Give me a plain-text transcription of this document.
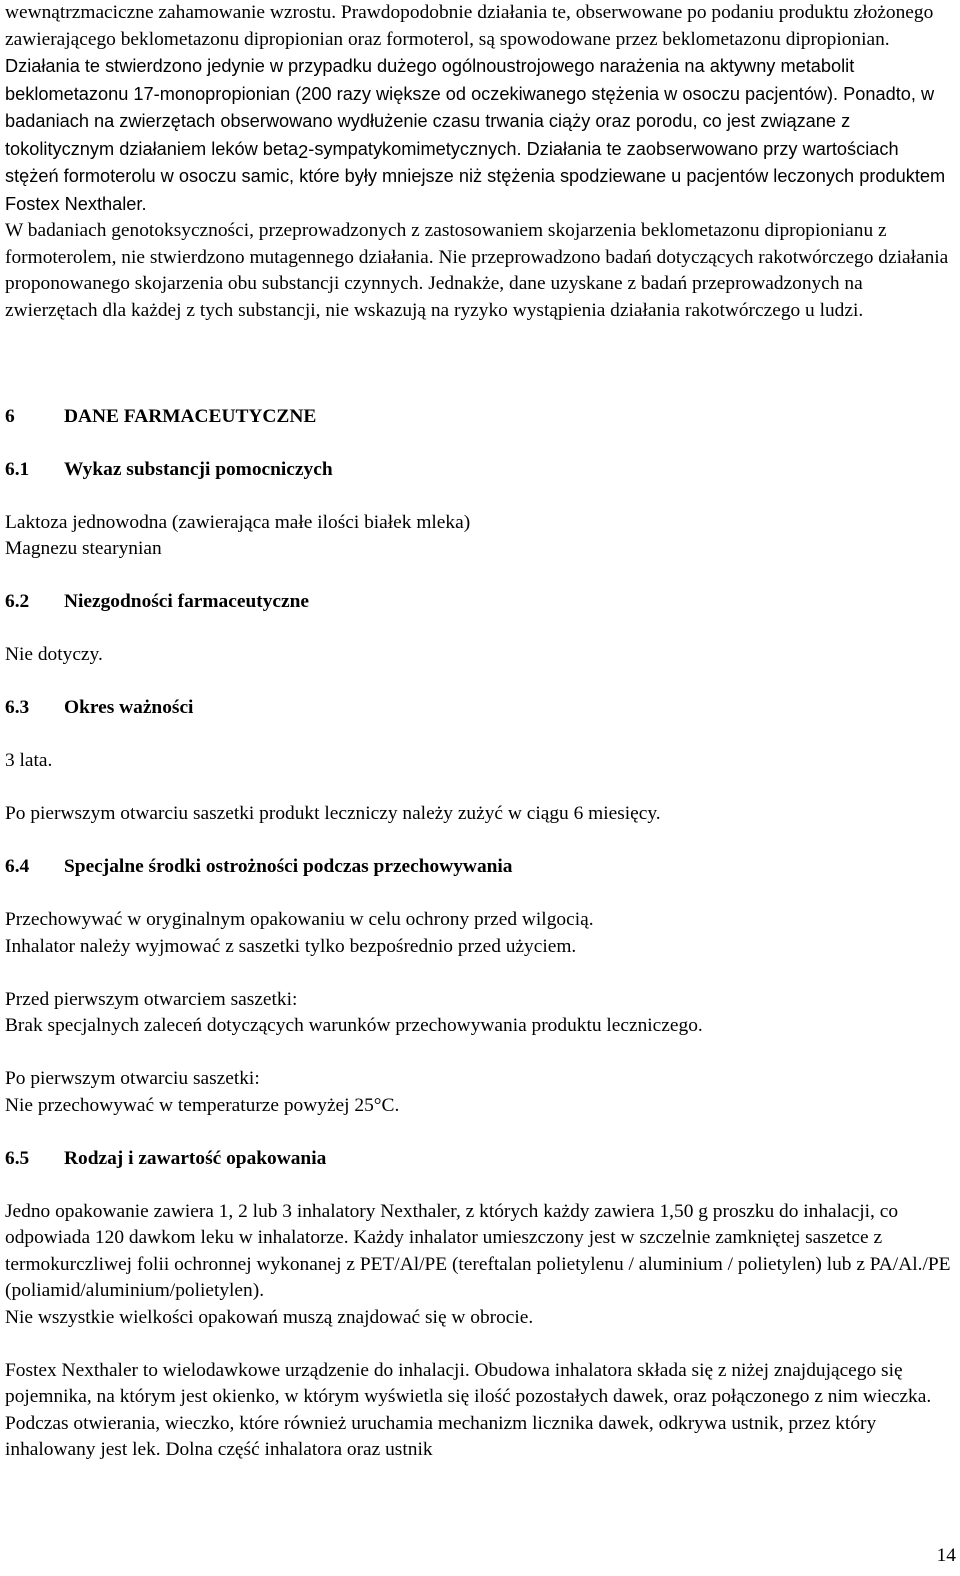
wewnątrzmaciczne zahamowanie wzrostu. Prawdopodobnie działania te, obserwowane po podaniu produktu złożonego zawierającego beklometazonu dipropionian oraz formoterol, są spowodowane przez beklometazonu dipropionian. Działania te stwierdzono jedynie w przypadku dużego ogólnoustrojowego narażenia na aktywny metabolit beklometazonu 17-monopropionian (200 razy większe od oczekiwanego stężenia w osoczu pacjentów). Ponadto, w badaniach na zwierzętach obserwowano wydłużenie czasu trwania ciąży oraz porodu, co jest związane z tokolitycznym działaniem leków beta$_2$-sympatykomimetycznych. Działania te zaobserwowano przy wartościach stężeń formoterolu w osoczu samic, które były mniejsze niż stężenia spodziewane u pacjentów leczonych produktem Fostex Nexthaler.

W badaniach genotoksyczności, przeprowadzonych z zastosowaniem skojarzenia beklometazonu dipropionianu z formoterolem, nie stwierdzono mutagennego działania. Nie przeprowadzono badań dotyczących rakotwórczego działania proponowanego skojarzenia obu substancji czynnych. Jednakże, dane uzyskane z badań przeprowadzonych na zwierzętach dla każdej z tych substancji, nie wskazują na ryzyko wystąpienia działania rakotwórczego u ludzi.

6	DANE FARMACEUTYCZNE
6.1 Wykaz substancji pomocniczych

Laktoza jednowodna (zawierająca małe ilości białek mleka)

Magnezu stearynian

6.2 Niezgodności farmaceutyczne

Nie dotyczy.

6.3 Okres ważności

3 lata.

Po pierwszym otwarciu saszetki produkt leczniczy należy zużyć w ciągu 6 miesięcy.

6.4 Specjalne środki ostrożności podczas przechowywania

Przechowywać w oryginalnym opakowaniu w celu ochrony przed wilgocią.

Inhalator należy wyjmować z saszetki tylko bezpośrednio przed użyciem.

Przed pierwszym otwarciem saszetki:

Brak specjalnych zaleceń dotyczących warunków przechowywania produktu leczniczego.

Po pierwszym otwarciu saszetki:

Nie przechowywać w temperaturze powyżej 25°C.

6.5 Rodzaj i zawartość opakowania

Jedno opakowanie zawiera 1, 2 lub 3 inhalatory Nexthaler, z których każdy zawiera 1,50 g proszku do inhalacji, co odpowiada 120 dawkom leku w inhalatorze. Każdy inhalator umieszczony jest w szczelnie zamkniętej saszetce z termokurczliwej folii ochronnej wykonanej z PET/Al/PE (tereftalan polietylenu / aluminium / polietylen) lub z PA/Al./PE (poliamid/aluminium/polietylen).

Nie wszystkie wielkości opakowań muszą znajdować się w obrocie.

Fostex Nexthaler to wielodawkowe urządzenie do inhalacji. Obudowa inhalatora składa się z niżej znajdującego się pojemnika, na którym jest okienko, w którym wyświetla się ilość pozostałych dawek, oraz połączonego z nim wieczka. Podczas otwierania, wieczko, które również uruchamia mechanizm licznika dawek, odkrywa ustnik, przez który inhalowany jest lek. Dolna część inhalatora oraz ustnik

14
